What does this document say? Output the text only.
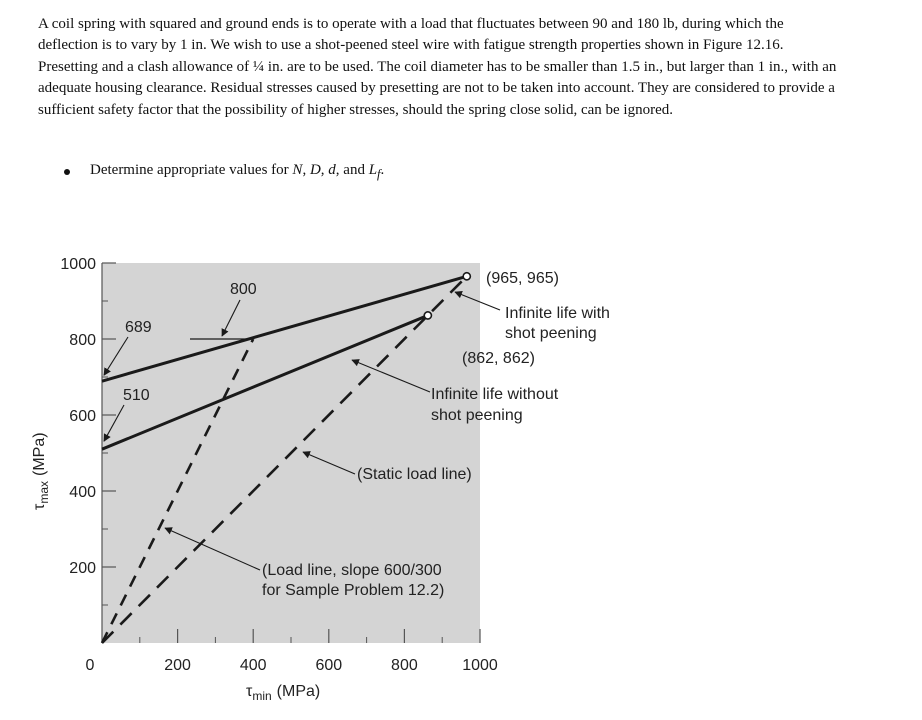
A coil spring with squared and ground ends is to operate with a load that fluctuates between 90 and 180 lb, during which the deflection is to vary by 1 in. We wish to use a shot-peened steel wire with fatigue strength properties shown in Figure 12.16. Presetting and a clash allowance of ¼ in. are to be used. The coil diameter has to be smaller than 1.5 in., but larger than 1 in., with an adequate housing clearance. Residual stresses caused by presetting are not to be taken into account. They are considered to provide a sufficient safety factor that the possibility of higher stresses, should the spring close solid, can be ignored.

Determine appropriate values for N, D, d, and $L_f$.
200
400
600
800
1000
0	200	400	600	800	1000
689
510
800
(965, 965)
(862, 862)
Infinite life with
shot peening
Infinite life without
shot peening
(Static load line)
(Load line, slope 600/300
for Sample Problem 12.2)
$\tau_{min}$ (MPa)
$\tau_{max}(MPa)$
